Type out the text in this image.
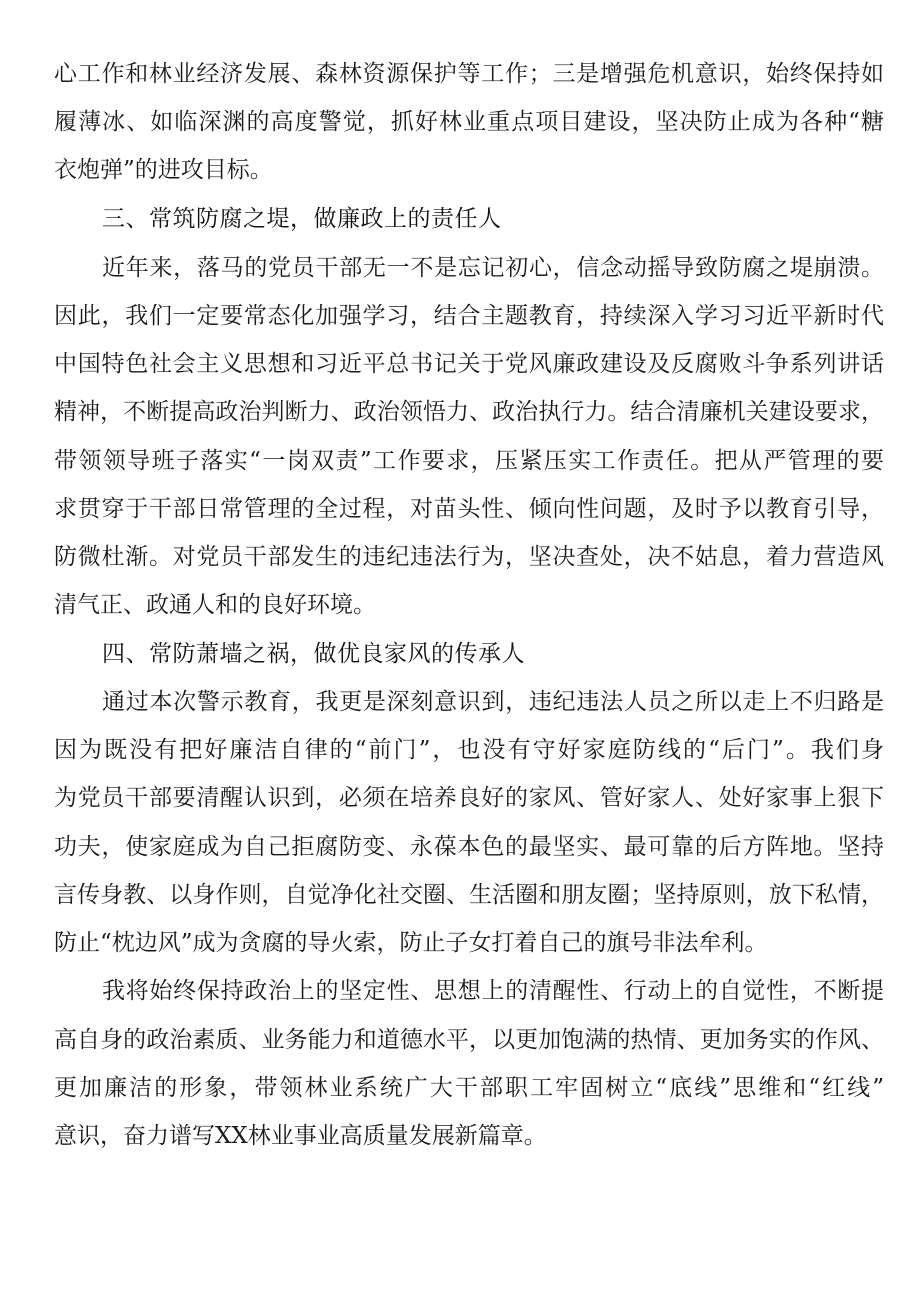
心工作和林业经济发展、森林资源保护等工作；三是增强危机意识，始终保持如
履薄冰、如临深渊的高度警觉，抓好林业重点项目建设，坚决防止成为各种“糖
衣炮弹”的进攻目标。
三、常筑防腐之堤，做廉政上的责任人
近年来，落马的党员干部无一不是忘记初心，信念动摇导致防腐之堤崩溃。
因此，我们一定要常态化加强学习，结合主题教育，持续深入学习习近平新时代
中国特色社会主义思想和习近平总书记关于党风廉政建设及反腐败斗争系列讲话
精神，不断提高政治判断力、政治领悟力、政治执行力。结合清廉机关建设要求，
带领领导班子落实“一岗双责”工作要求，压紧压实工作责任。把从严管理的要
求贯穿于干部日常管理的全过程，对苗头性、倾向性问题，及时予以教育引导，
防微杜渐。对党员干部发生的违纪违法行为，坚决查处，决不姑息，着力营造风
清气正、政通人和的良好环境。
四、常防萧墙之祸，做优良家风的传承人
通过本次警示教育，我更是深刻意识到，违纪违法人员之所以走上不归路是
因为既没有把好廉洁自律的“前门”，也没有守好家庭防线的“后门”。我们身
为党员干部要清醒认识到，必须在培养良好的家风、管好家人、处好家事上狠下
功夫，使家庭成为自己拒腐防变、永葆本色的最坚实、最可靠的后方阵地。坚持
言传身教、以身作则，自觉净化社交圈、生活圈和朋友圈；坚持原则，放下私情，
防止“枕边风”成为贪腐的导火索，防止子女打着自己的旗号非法牟利。
我将始终保持政治上的坚定性、思想上的清醒性、行动上的自觉性，不断提
高自身的政治素质、业务能力和道德水平，以更加饱满的热情、更加务实的作风、
更加廉洁的形象，带领林业系统广大干部职工牢固树立“底线”思维和“红线”
意识，奋力谱写XX林业事业高质量发展新篇章。
